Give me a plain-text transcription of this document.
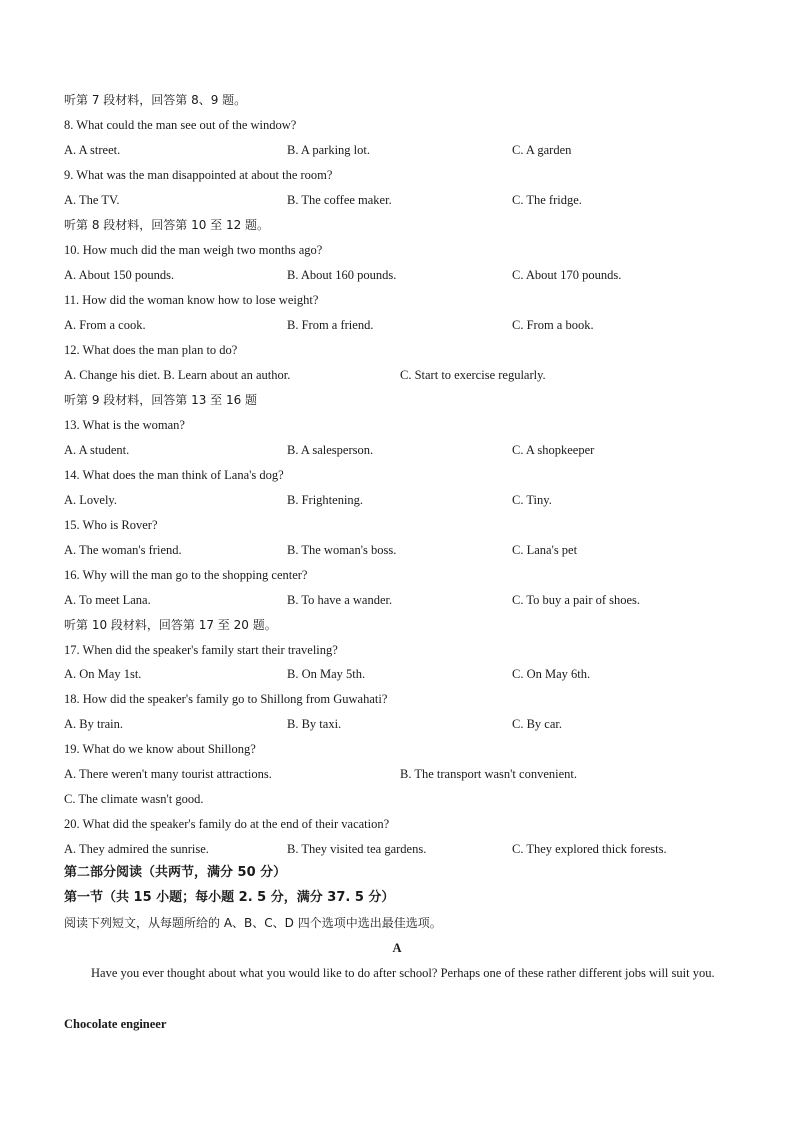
听第 7 段材料，回答第 8、9 题。
8. What could the man see out of the window?
A. A street.	B. A parking lot.	C. A garden
9. What was the man disappointed at about the room?
A. The TV.	B. The coffee maker.	C. The fridge.
听第 8 段材料，回答第 10 至 12 题。
10. How much did the man weigh two months ago?
A. About 150 pounds.	B. About 160 pounds.	C. About 170 pounds.
11. How did the woman know how to lose weight?
A. From a cook.	B. From a friend.	C. From a book.
12. What does the man plan to do?
A. Change his diet. B. Learn about an author.	C. Start to exercise regularly.
听第 9 段材料，回答第 13 至 16 题
13. What is the woman?
A. A student.	B. A salesperson.	C. A shopkeeper
14. What does the man think of Lana's dog?
A. Lovely.	B. Frightening.	C. Tiny.
15. Who is Rover?
A. The woman's friend.	B. The woman's boss.	C. Lana's pet
16. Why will the man go to the shopping center?
A. To meet Lana.	B. To have a wander.	C. To buy a pair of shoes.
听第 10 段材料，回答第 17 至 20 题。
17. When did the speaker's family start their traveling?
A. On May 1st.	B. On May 5th.	C. On May 6th.
18. How did the speaker's family go to Shillong from Guwahati?
A. By train.	B. By taxi.	C. By car.
19. What do we know about Shillong?
A. There weren't many tourist attractions.	B. The transport wasn't convenient.
C. The climate wasn't good.
20. What did the speaker's family do at the end of their vacation?
A. They admired the sunrise.	B. They visited tea gardens.	C. They explored thick forests.
第二部分阅读（共两节，满分 50 分）
第一节（共 15 小题；每小题 2. 5 分，满分 37. 5 分）
阅读下列短文，从每题所给的 A、B、C、D 四个选项中选出最佳选项。
A
Have you ever thought about what you would like to do after school? Perhaps one of these rather different jobs will suit you.
Chocolate engineer
